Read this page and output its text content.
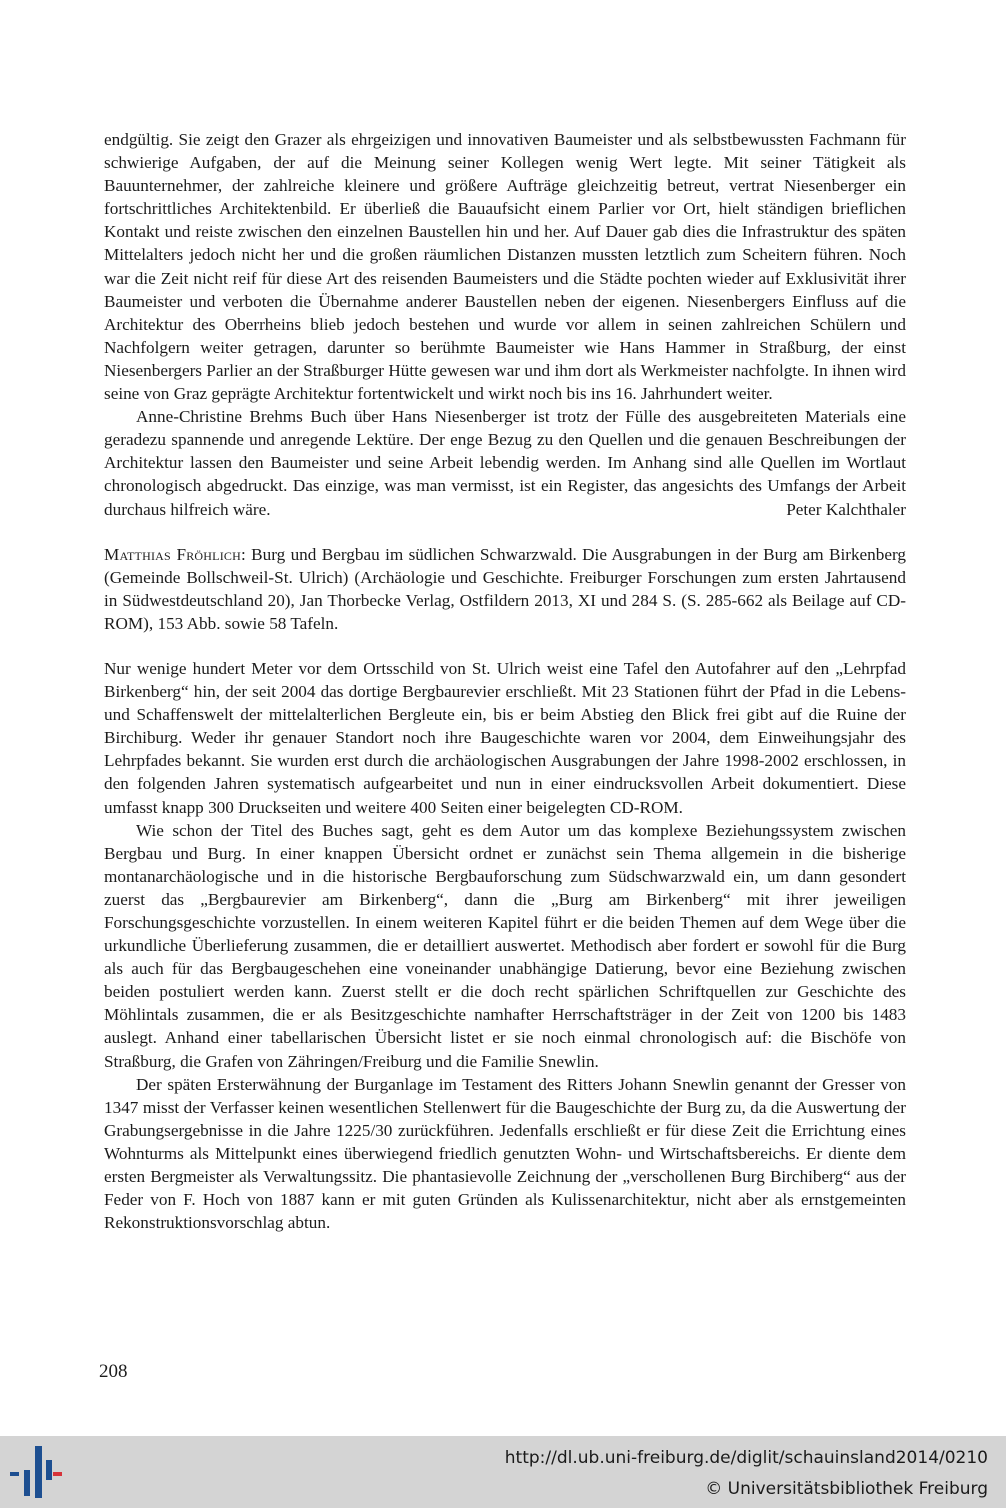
endgültig. Sie zeigt den Grazer als ehrgeizigen und innovativen Baumeister und als selbstbewussten Fachmann für schwierige Aufgaben, der auf die Meinung seiner Kollegen wenig Wert legte. Mit seiner Tätigkeit als Bauunternehmer, der zahlreiche kleinere und größere Aufträge gleichzeitig betreut, vertrat Niesenberger ein fortschrittliches Architektenbild. Er überließ die Bauaufsicht einem Parlier vor Ort, hielt ständigen brieflichen Kontakt und reiste zwischen den einzelnen Baustellen hin und her. Auf Dauer gab dies die Infrastruktur des späten Mittelalters jedoch nicht her und die großen räumlichen Distanzen mussten letztlich zum Scheitern führen. Noch war die Zeit nicht reif für diese Art des reisenden Baumeisters und die Städte pochten wieder auf Exklusivität ihrer Baumeister und verboten die Übernahme anderer Baustellen neben der eigenen. Niesenbergers Einfluss auf die Architektur des Oberrheins blieb jedoch bestehen und wurde vor allem in seinen zahlreichen Schülern und Nachfolgern weiter getragen, darunter so berühmte Baumeister wie Hans Hammer in Straßburg, der einst Niesenbergers Parlier an der Straßburger Hütte gewesen war und ihm dort als Werkmeister nachfolgte. In ihnen wird seine von Graz geprägte Architektur fortentwickelt und wirkt noch bis ins 16. Jahrhundert weiter.

Anne-Christine Brehms Buch über Hans Niesenberger ist trotz der Fülle des ausgebreiteten Materials eine geradezu spannende und anregende Lektüre. Der enge Bezug zu den Quellen und die genauen Beschreibungen der Architektur lassen den Baumeister und seine Arbeit lebendig werden. Im Anhang sind alle Quellen im Wortlaut chronologisch abgedruckt. Das einzige, was man vermisst, ist ein Register, das angesichts des Umfangs der Arbeit durchaus hilfreich wäre.	Peter Kalchthaler

Matthias Fröhlich: Burg und Bergbau im südlichen Schwarzwald. Die Ausgrabungen in der Burg am Birkenberg (Gemeinde Bollschweil-St. Ulrich) (Archäologie und Geschichte. Freiburger Forschungen zum ersten Jahrtausend in Südwestdeutschland 20), Jan Thorbecke Verlag, Ostfildern 2013, XI und 284 S. (S. 285-662 als Beilage auf CD-ROM), 153 Abb. sowie 58 Tafeln.

Nur wenige hundert Meter vor dem Ortsschild von St. Ulrich weist eine Tafel den Autofahrer auf den „Lehrpfad Birkenberg“ hin, der seit 2004 das dortige Bergbaurevier erschließt. Mit 23 Stationen führt der Pfad in die Lebens- und Schaffenswelt der mittelalterlichen Bergleute ein, bis er beim Abstieg den Blick frei gibt auf die Ruine der Birchiburg. Weder ihr genauer Standort noch ihre Baugeschichte waren vor 2004, dem Einweihungsjahr des Lehrpfades bekannt. Sie wurden erst durch die archäologischen Ausgrabungen der Jahre 1998-2002 erschlossen, in den folgenden Jahren systematisch aufgearbeitet und nun in einer eindrucksvollen Arbeit dokumentiert. Diese umfasst knapp 300 Druckseiten und weitere 400 Seiten einer beigelegten CD-ROM.

Wie schon der Titel des Buches sagt, geht es dem Autor um das komplexe Beziehungssystem zwischen Bergbau und Burg. In einer knappen Übersicht ordnet er zunächst sein Thema allgemein in die bisherige montanarchäologische und in die historische Bergbauforschung zum Südschwarzwald ein, um dann gesondert zuerst das „Bergbaurevier am Birkenberg“, dann die „Burg am Birkenberg“ mit ihrer jeweiligen Forschungsgeschichte vorzustellen. In einem weiteren Kapitel führt er die beiden Themen auf dem Wege über die urkundliche Überlieferung zusammen, die er detailliert auswertet. Methodisch aber fordert er sowohl für die Burg als auch für das Bergbaugeschehen eine voneinander unabhängige Datierung, bevor eine Beziehung zwischen beiden postuliert werden kann. Zuerst stellt er die doch recht spärlichen Schriftquellen zur Geschichte des Möhlintals zusammen, die er als Besitzgeschichte namhafter Herrschaftsträger in der Zeit von 1200 bis 1483 auslegt. Anhand einer tabellarischen Übersicht listet er sie noch einmal chronologisch auf: die Bischöfe von Straßburg, die Grafen von Zähringen/Freiburg und die Familie Snewlin.

Der späten Ersterwähnung der Burganlage im Testament des Ritters Johann Snewlin genannt der Gresser von 1347 misst der Verfasser keinen wesentlichen Stellenwert für die Baugeschichte der Burg zu, da die Auswertung der Grabungsergebnisse in die Jahre 1225/30 zurückführen. Jedenfalls erschließt er für diese Zeit die Errichtung eines Wohnturms als Mittelpunkt eines überwiegend friedlich genutzten Wohn- und Wirtschaftsbereichs. Er diente dem ersten Bergmeister als Verwaltungssitz. Die phantasievolle Zeichnung der „verschollenen Burg Birchiberg“ aus der Feder von F. Hoch von 1887 kann er mit guten Gründen als Kulissenarchitektur, nicht aber als ernstgemeinten Rekonstruktionsvorschlag abtun.

208
http://dl.ub.uni-freiburg.de/diglit/schauinsland2014/0210
© Universitätsbibliothek Freiburg
